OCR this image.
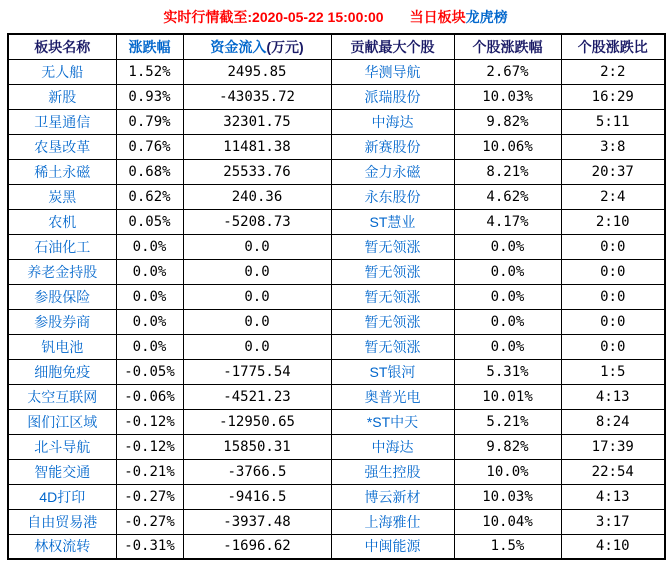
实时行情截至:2020-05-22 15:00:00 当日板块龙虎榜
板块名称	涨跌幅	资金流入(万元)	贡献最大个股	个股涨跌幅	个股涨跌比
无人船	1.52%	2495.85	华测导航	2.67%	2:2
新股	0.93%	-43035.72	派瑞股份	10.03%	16:29
卫星通信	0.79%	32301.75	中海达	9.82%	5:11
农垦改革	0.76%	11481.38	新赛股份	10.06%	3:8
稀土永磁	0.68%	25533.76	金力永磁	8.21%	20:37
炭黑	0.62%	240.36	永东股份	4.62%	2:4
农机	0.05%	-5208.73	ST慧业	4.17%	2:10
石油化工	0.0%	0.0	暂无领涨	0.0%	0:0
养老金持股	0.0%	0.0	暂无领涨	0.0%	0:0
参股保险	0.0%	0.0	暂无领涨	0.0%	0:0
参股券商	0.0%	0.0	暂无领涨	0.0%	0:0
钒电池	0.0%	0.0	暂无领涨	0.0%	0:0
细胞免疫	-0.05%	-1775.54	ST银河	5.31%	1:5
太空互联网	-0.06%	-4521.23	奥普光电	10.01%	4:13
图们江区域	-0.12%	-12950.65	*ST中天	5.21%	8:24
北斗导航	-0.12%	15850.31	中海达	9.82%	17:39
智能交通	-0.21%	-3766.5	强生控股	10.0%	22:54
4D打印	-0.27%	-9416.5	博云新材	10.03%	4:13
自由贸易港	-0.27%	-3937.48	上海雅仕	10.04%	3:17
林权流转	-0.31%	-1696.62	中闽能源	1.5%	4:10
